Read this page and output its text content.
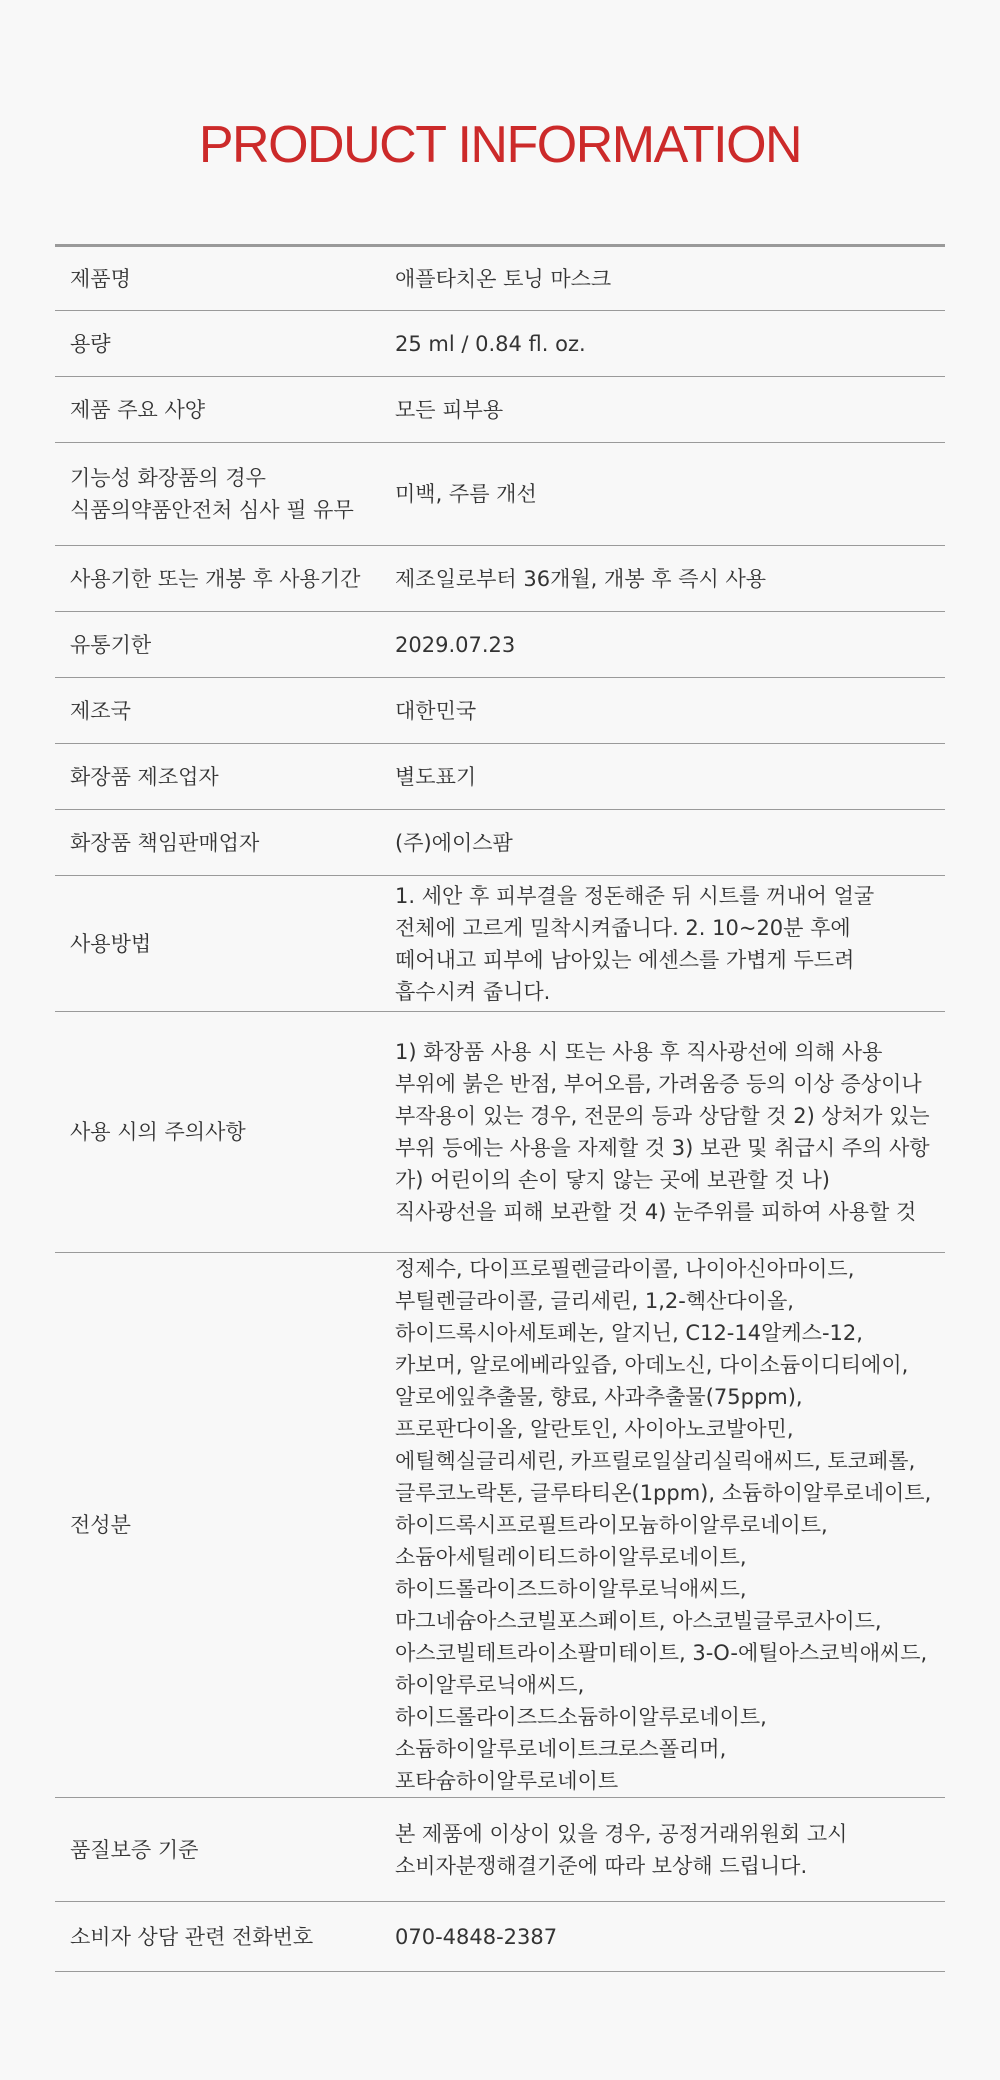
PRODUCT INFORMATION
제품명	애플타치온 토닝 마스크
용량	25 ml / 0.84 fl. oz.
제품 주요 사양	모든 피부용

기능성 화장품의 경우
식품의약품안전처 심사 필 유무	미백, 주름 개선
사용기한 또는 개봉 후 사용기간	제조일로부터 36개월, 개봉 후 즉시 사용
유통기한	2029.07.23
제조국	대한민국
화장품 제조업자	별도표기
화장품 책임판매업자	(주)에이스팜
사용방법	1. 세안 후 피부결을 정돈해준 뒤 시트를 꺼내어 얼굴 전체에 고르게 밀착시켜줍니다. 2. 10~20분 후에 떼어내고 피부에 남아있는 에센스를 가볍게 두드려 흡수시켜 줍니다.
사용 시의 주의사항	1) 화장품 사용 시 또는 사용 후 직사광선에 의해 사용 부위에 붉은 반점, 부어오름, 가려움증 등의 이상 증상이나 부작용이 있는 경우, 전문의 등과 상담할 것 2) 상처가 있는 부위 등에는 사용을 자제할 것 3) 보관 및 취급시 주의 사항 가) 어린이의 손이 닿지 않는 곳에 보관할 것 나) 직사광선을 피해 보관할 것 4) 눈주위를 피하여 사용할 것
전성분	정제수, 다이프로필렌글라이콜, 나이아신아마이드, 부틸렌글라이콜, 글리세린, 1,2-헥산다이올, 하이드록시아세토페논, 알지닌, C12-14알케스-12, 카보머, 알로에베라잎즙, 아데노신, 다이소듐이디티에이, 알로에잎추출물, 향료, 사과추출물(75ppm), 프로판다이올, 알란토인, 사이아노코발아민, 에틸헥실글리세린, 카프릴로일살리실릭애씨드, 토코페롤, 글루코노락톤, 글루타티온(1ppm), 소듐하이알루로네이트, 하이드록시프로필트라이모늄하이알루로네이트, 소듐아세틸레이티드하이알루로네이트, 하이드롤라이즈드하이알루로닉애씨드, 마그네슘아스코빌포스페이트, 아스코빌글루코사이드, 아스코빌테트라이소팔미테이트, 3-O-에틸아스코빅애씨드, 하이알루로닉애씨드, 하이드롤라이즈드소듐하이알루로네이트, 소듐하이알루로네이트크로스폴리머, 포타슘하이알루로네이트
품질보증 기준	본 제품에 이상이 있을 경우, 공정거래위원회 고시 소비자분쟁해결기준에 따라 보상해 드립니다.
소비자 상담 관련 전화번호	070-4848-2387
